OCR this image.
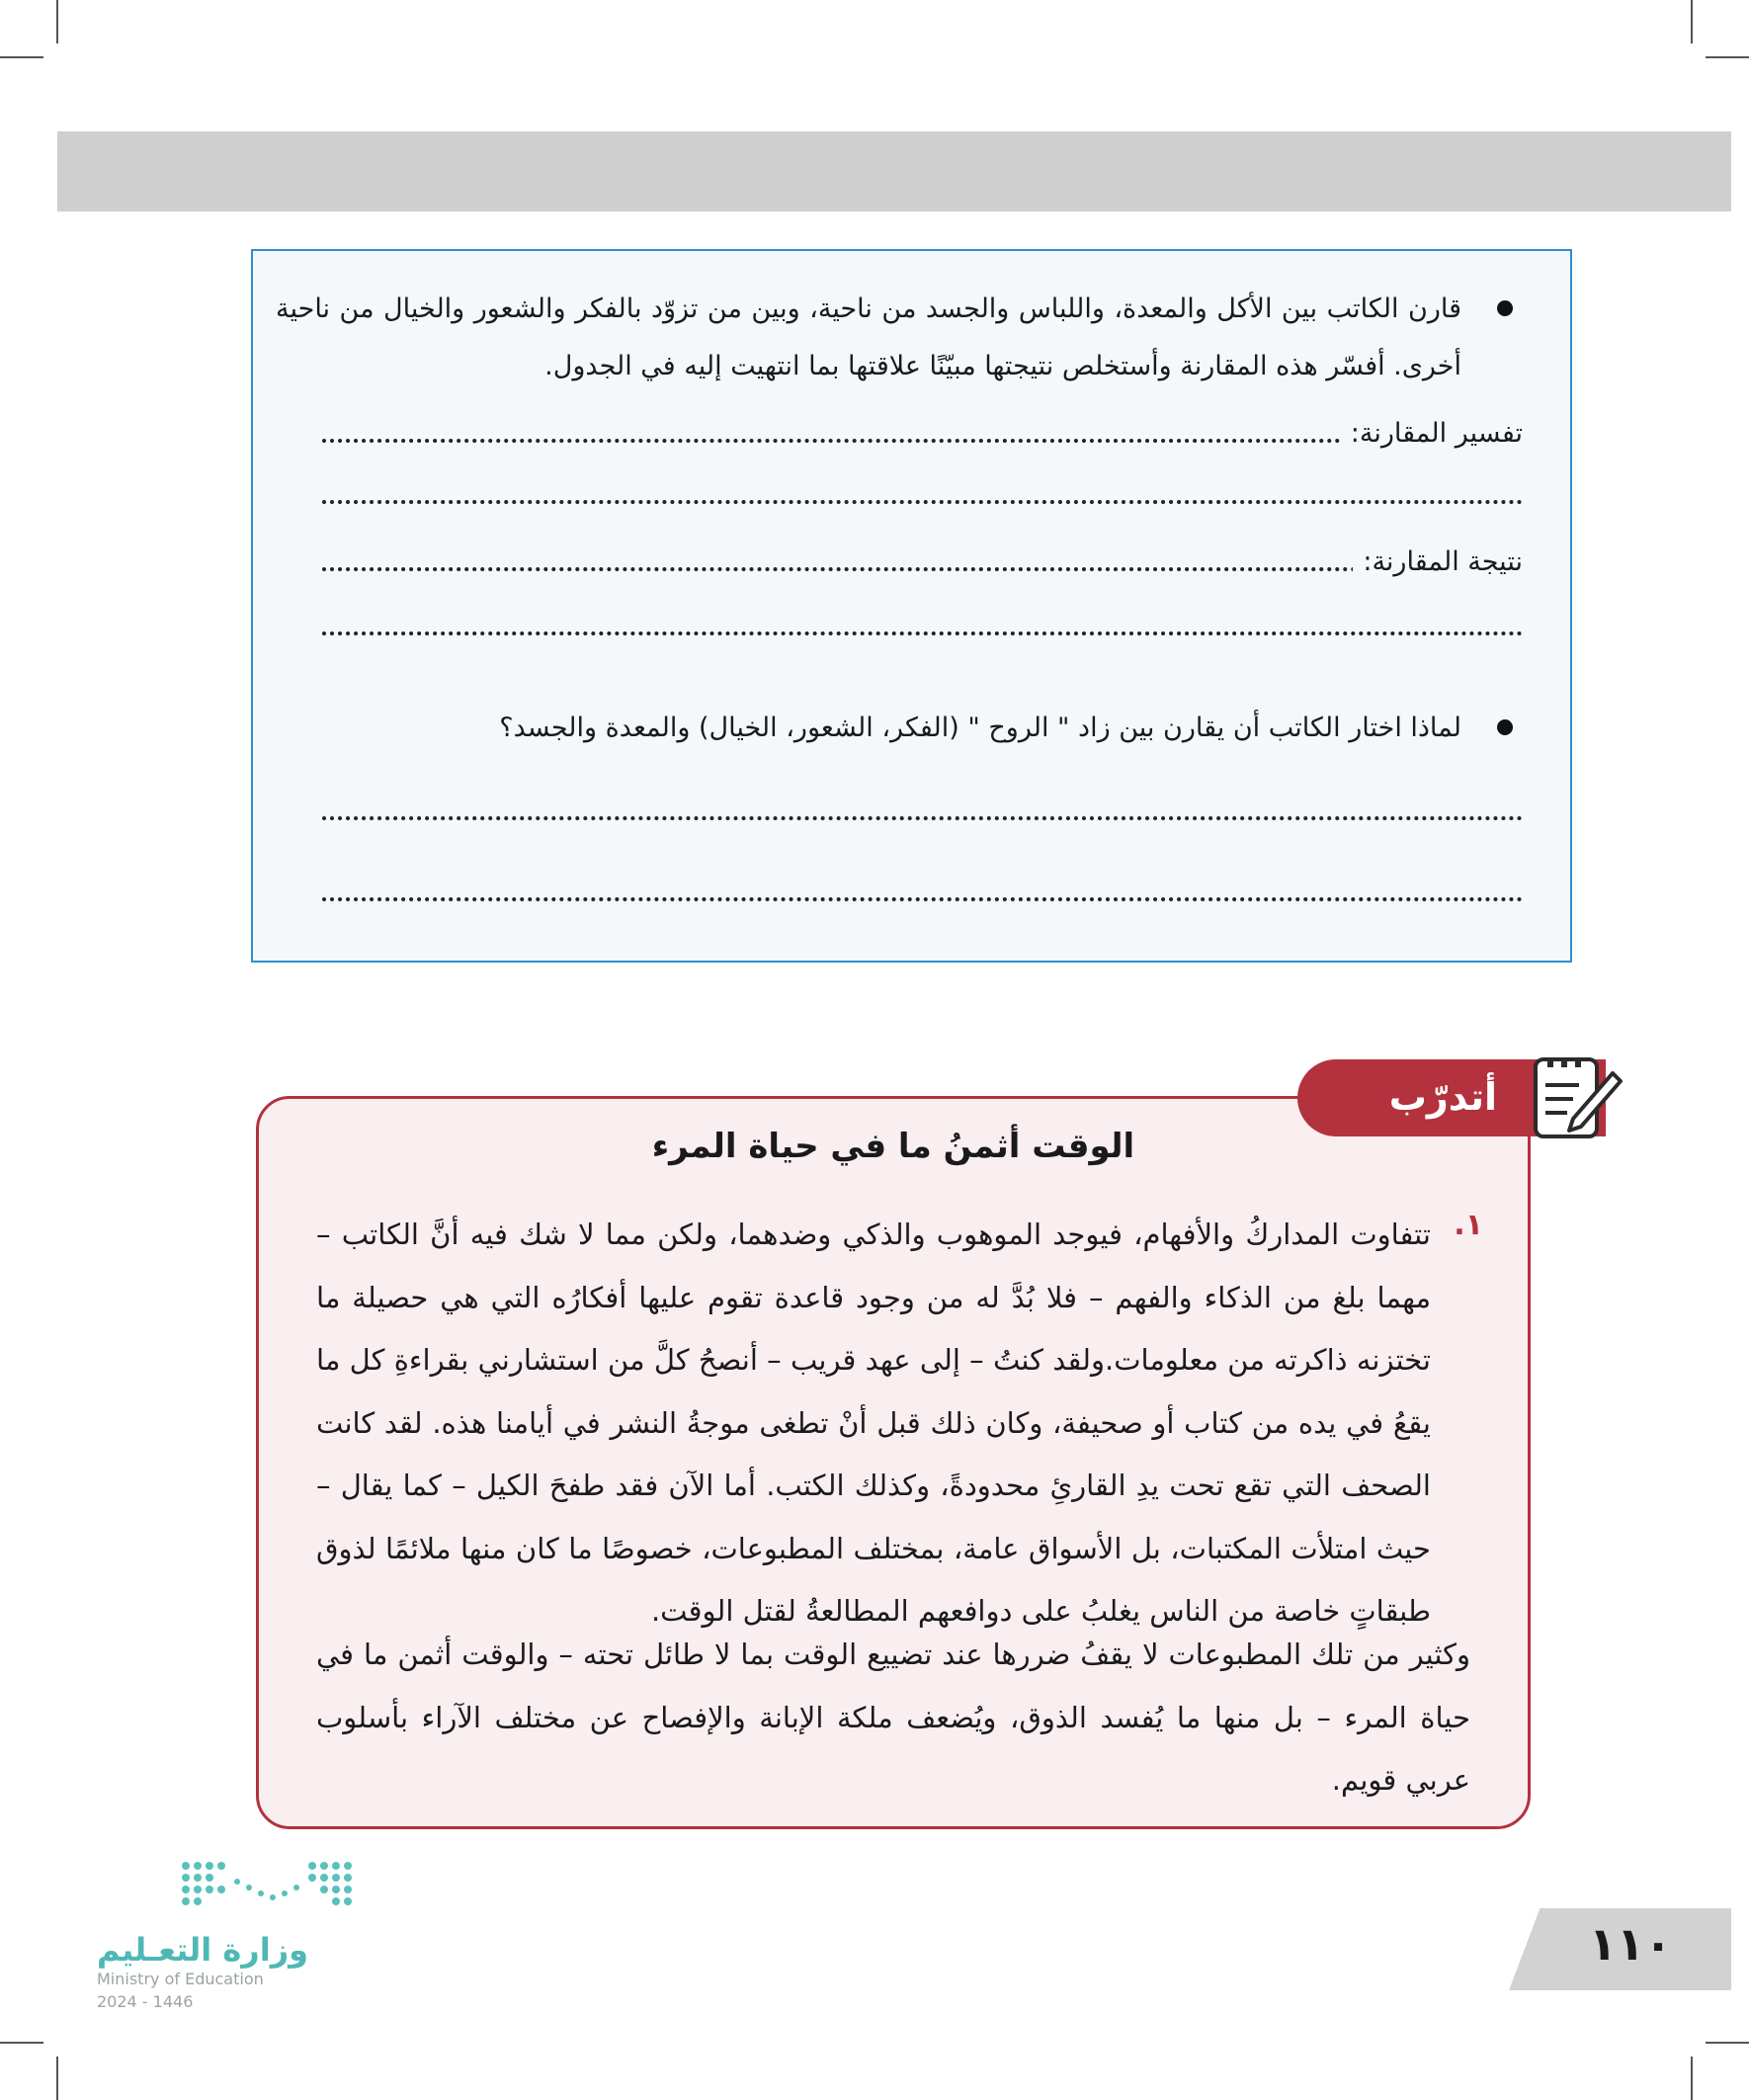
قارن الكاتب بين الأكل والمعدة، واللباس والجسد من ناحية، وبين من تزوّد بالفكر والشعور والخيال من ناحية أخرى. أفسّر هذه المقارنة وأستخلص نتيجتها مبيّنًا علاقتها بما انتهيت إليه في الجدول.
تفسير المقارنة:
نتيجة المقارنة:
لماذا اختار الكاتب أن يقارن بين زاد " الروح " (الفكر، الشعور، الخيال) والمعدة والجسد؟
الوقت أثمنُ ما في حياة المرء
١.
تتفاوت المداركُ والأفهام، فيوجد الموهوب والذكي وضدهما، ولكن مما لا شك فيه أنَّ الكاتب – مهما بلغ من الذكاء والفهم – فلا بُدَّ له من وجود قاعدة تقوم عليها أفكارُه التي هي حصيلة ما تختزنه ذاكرته من معلومات.ولقد كنتُ – إلى عهد قريب – أنصحُ كلَّ من استشارني بقراءةِ كل ما يقعُ في يده من كتاب أو صحيفة، وكان ذلك قبل أنْ تطغى موجةُ النشر في أيامنا هذه. لقد كانت الصحف التي تقع تحت يدِ القارئِ محدودةً، وكذلك الكتب. أما الآن فقد طفحَ الكيل – كما يقال – حيث امتلأت المكتبات، بل الأسواق عامة، بمختلف المطبوعات، خصوصًا ما كان منها ملائمًا لذوق طبقاتٍ خاصة من الناس يغلبُ على دوافعهم المطالعةُ لقتل الوقت.
وكثير من تلك المطبوعات لا يقفُ ضررها عند تضييع الوقت بما لا طائل تحته – والوقت أثمن ما في حياة المرء – بل منها ما يُفسد الذوق، ويُضعف ملكة الإبانة والإفصاح عن مختلف الآراء بأسلوب عربي قويم.
أتدرّب
وزارة التعـليم
Ministry of Education
2024 - 1446
١١٠
